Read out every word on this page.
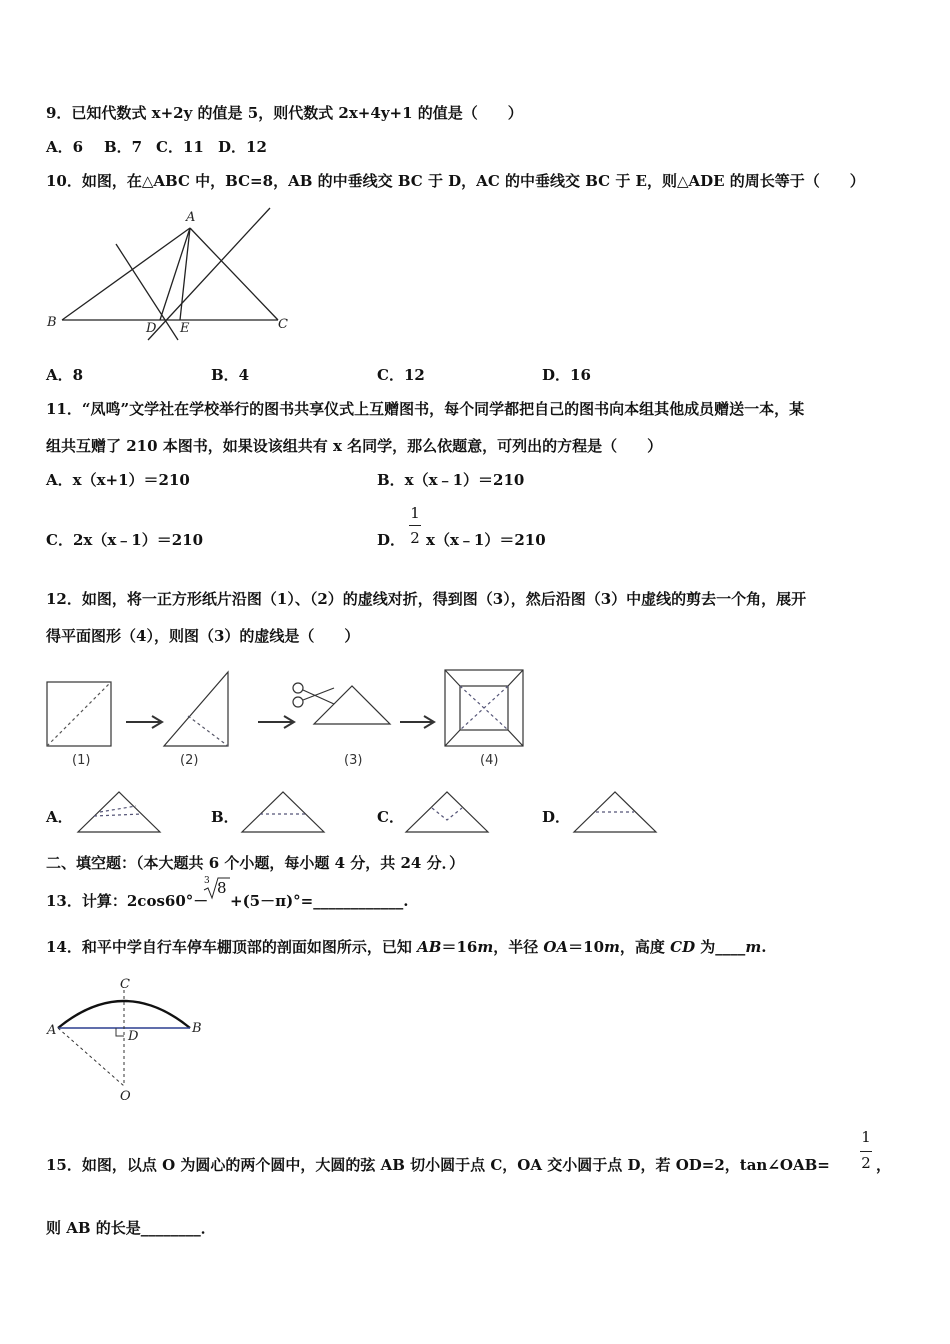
9．已知代数式 x+2y 的值是 5，则代数式 2x+4y+1 的值是（　　）
A．6 B．7 C．11 D．12
10．如图，在△ABC 中，BC=8，AB 的中垂线交 BC 于 D，AC 的中垂线交 BC 于 E，则△ADE 的周长等于（　　）
A
B	D E	C
A．8	B．4	C．12	D．16
11．“凤鸣”文学社在学校举行的图书共享仪式上互赠图书，每个同学都把自己的图书向本组其他成员赠送一本，某
组共互赠了 210 本图书，如果设该组共有 x 名同学，那么依题意，可列出的方程是（　　）
A．x（x+1）＝210	B．x（x﹣1）＝210
C．2x（x﹣1）＝210	D．
1
2 x（x﹣1）＝210
12．如图，将一正方形纸片沿图（1）、（2）的虚线对折，得到图（3），然后沿图（3）中虚线的剪去一个角，展开
得平面图形（4），则图（3）的虚线是（　　）
(1)	(2)	(3)	(4)
A．	B．	C．	D．
二、填空题：（本大题共 6 个小题，每小题 4 分，共 24 分．）
13．计算：2cos60°－
3 8
+(5－π)°=____________.
14．和平中学自行车停车棚顶部的剖面如图所示，已知 AB＝16m，半径 OA＝10m，高度 CD 为____m.
C
A	D
B
O
15．如图，以点 O 为圆心的两个圆中，大圆的弦 AB 切小圆于点 C，OA 交小圆于点 D，若 OD=2，tan∠OAB=
1
2 ，
则 AB 的长是________．
